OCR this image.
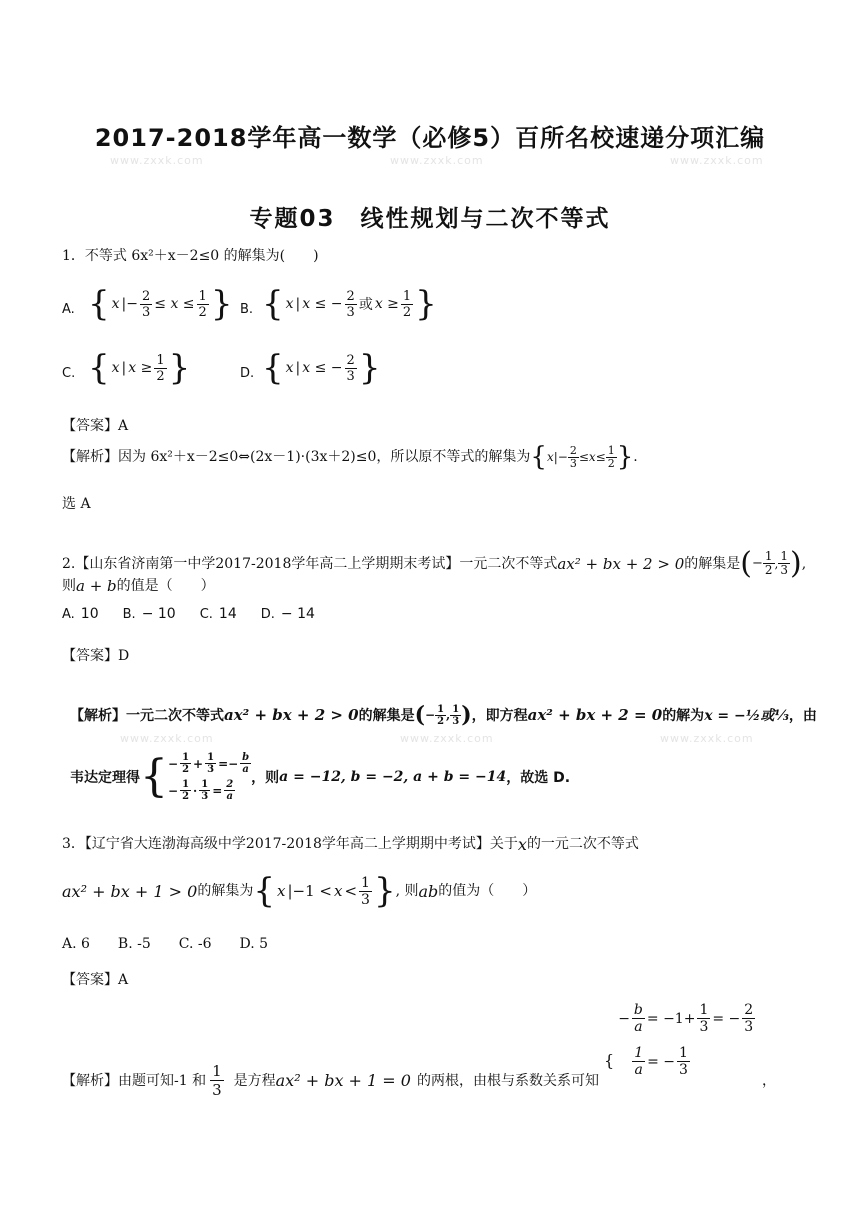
www.zxxk.com	www.zxxk.com	www.zxxk.com
2017-2018学年高一数学（必修5）百所名校速递分项汇编
专题03　线性规划与二次不等式
1．不等式 6x²＋x－2≤0 的解集为(　　)
A. { x |− $\frac{2}{3} \le x \le \frac{1}{2}$ } B. { x | x ≤ − $\frac{2}{3}$ 或 $x \ge \frac{1}{2}$ }
C. { x | $x \ge \frac{1}{2}$ }	D. { x | x ≤ − $\frac{2}{3}$ }
【答案】A
【解析】因为 6x²＋x－2≤0⇔(2x－1)·(3x＋2)≤0，所以原不等式的解集为 { x |− $\frac{2}{3} \le x\le \frac{1}{2}$ } .
选 A
2.【山东省济南第一中学2017-2018学年高二上学期期末考试】一元二次不等式 ax² + bx + 2 > 0 的解集是 ( − $\frac{1}{2}$ , $\frac{1}{3}$ ) ,
则 a + b 的值是（　　）
A. 10 B. − 10 C. 14 D. − 14
【答案】D
www.zxxk.com	www.zxxk.com	www.zxxk.com
【解析】一元二次不等式 ax² + bx + 2 > 0 的解集是 ( − $\frac{1}{2}$ , $\frac{1}{3}$ ) ，即方程 ax² + bx + 2 = 0 的解为 x = −½或⅓ ，由
韦达定理得 { − $\frac{1}{2} + \frac{1}{3} =- \frac{b}{a}$
− $\frac{1}{2} \cdot \frac{1}{3} = \frac{2}{a}$
，则 a = −12, b = −2, a + b = −14 ，故选 D.
3．【辽宁省大连渤海高级中学2017-2018学年高二上学期期中考试】关于 x 的一元二次不等式
ax² + bx + 1 > 0 的解集为 { x $|-1 < x < \frac{1}{3}$ } , 则 ab 的值为（　　）
A. 6　　B. -5　　C. -6　　D. 5
【答案】A
{
− $\frac{b}{a} = -1+ \frac{1}{3}$ = − $\frac{2}{3}$
$\frac{1}{a}$ = − $\frac{1}{3}$
【解析】由题可知-1 和 $\frac{1}{3}$ 是方程 ax² + bx + 1 = 0 的两根，由根与系数关系可知	，
